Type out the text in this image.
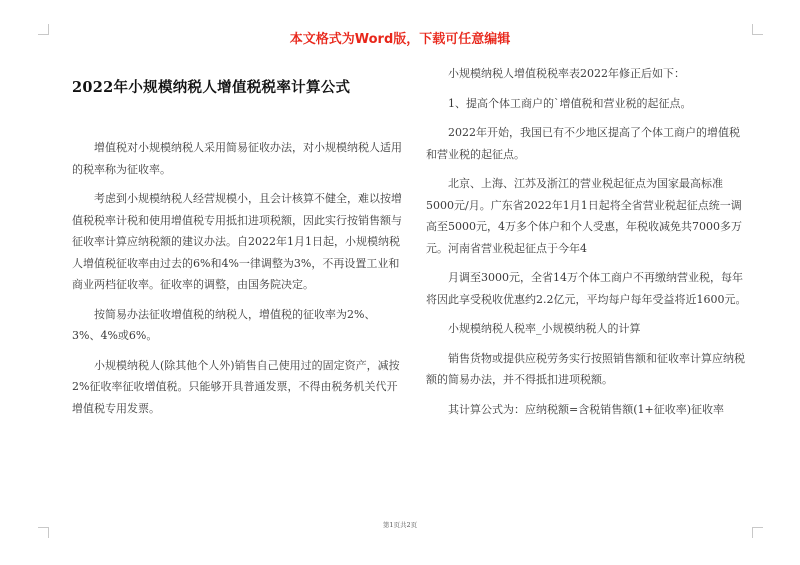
本文格式为Word版，下载可任意编辑
2022年小规模纳税人增值税税率计算公式

增值税对小规模纳税人采用简易征收办法，对小规模纳税人适用的税率称为征收率。

考虑到小规模纳税人经营规模小，且会计核算不健全，难以按增值税税率计税和使用增值税专用抵扣进项税额，因此实行按销售额与征收率计算应纳税额的建议办法。自2022年1月1日起，小规模纳税人增值税征收率由过去的6%和4%一律调整为3%，不再设置工业和商业两档征收率。征收率的调整，由国务院决定。

按简易办法征收增值税的纳税人，增值税的征收率为2%、3%、4%或6%。

小规模纳税人(除其他个人外)销售自己使用过的固定资产，减按2%征收率征收增值税。只能够开具普通发票，不得由税务机关代开增值税专用发票。

小规模纳税人增值税税率表2022年修正后如下：

1、提高个体工商户的`增值税和营业税的起征点。

2022年开始，我国已有不少地区提高了个体工商户的增值税和营业税的起征点。

北京、上海、江苏及浙江的营业税起征点为国家最高标准5000元/月。广东省2022年1月1日起将全省营业税起征点统一调高至5000元，4万多个体户和个人受惠，年税收减免共7000多万元。河南省营业税起征点于今年4

月调至3000元，全省14万个体工商户不再缴纳营业税，每年将因此享受税收优惠约2.2亿元，平均每户每年受益将近1600元。

小规模纳税人税率_小规模纳税人的计算

销售货物或提供应税劳务实行按照销售额和征收率计算应纳税额的简易办法，并不得抵扣进项税额。

其计算公式为：应纳税额=含税销售额(1+征收率)征收率

第1页共2页
